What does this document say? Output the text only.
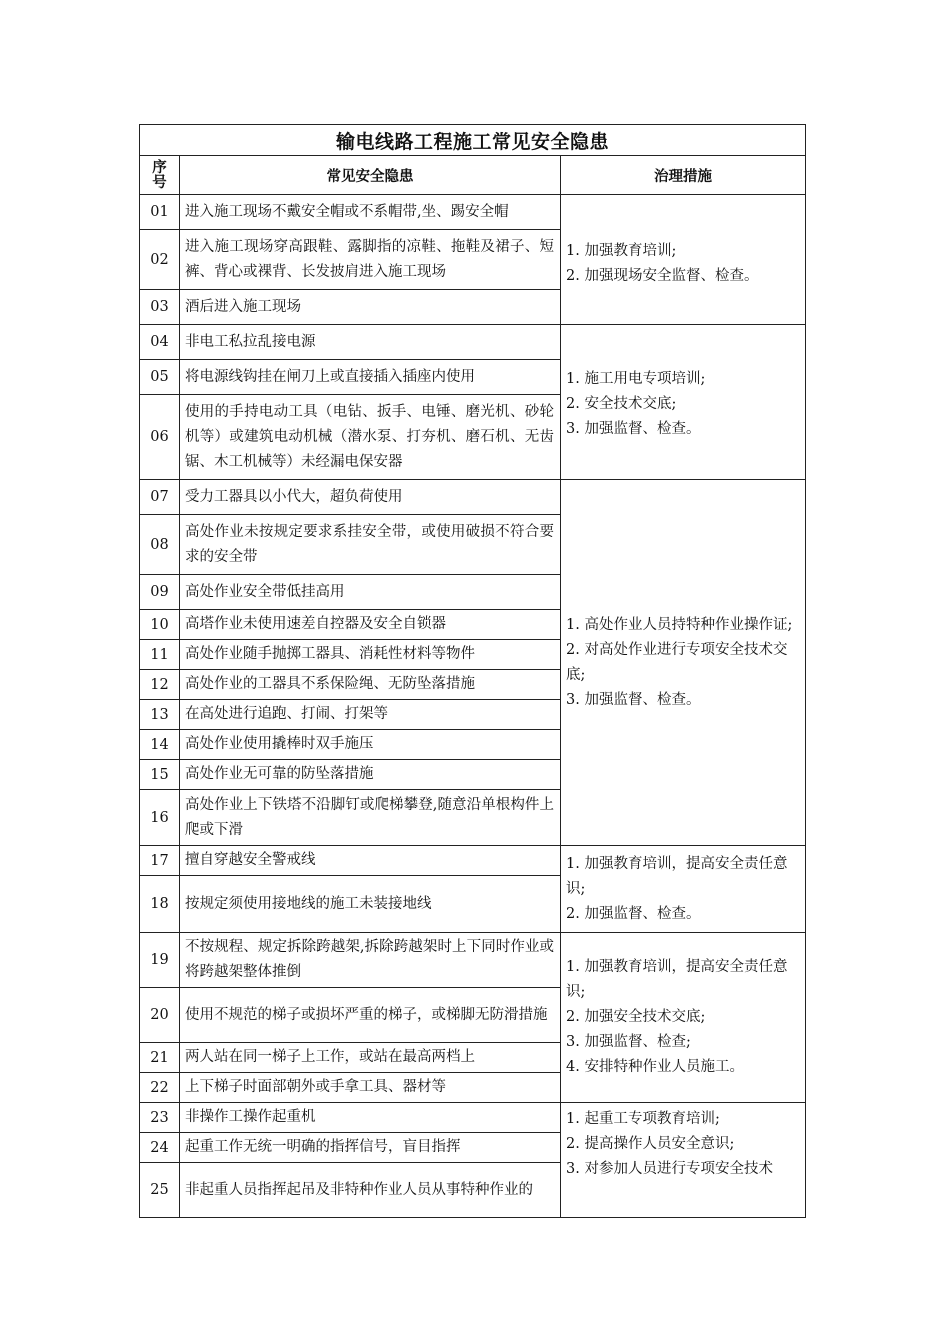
输电线路工程施工常见安全隐患		
序号	常见安全隐患	治理措施
01	进入施工现场不戴安全帽或不系帽带,坐、踢安全帽	1. 加强教育培训;
2. 加强现场安全监督、检查。

02	进入施工现场穿高跟鞋、露脚指的凉鞋、拖鞋及裙子、短裤、背心或裸背、长发披肩进入施工现场	
03	酒后进入施工现场	
04	非电工私拉乱接电源	1. 施工用电专项培训;
2. 安全技术交底;
3. 加强监督、检查。

05	将电源线钩挂在闸刀上或直接插入插座内使用	
06	使用的手持电动工具（电钻、扳手、电锤、磨光机、砂轮机等）或建筑电动机械（潜水泵、打夯机、磨石机、无齿锯、木工机械等）未经漏电保安器	
07	受力工器具以小代大，超负荷使用	1. 高处作业人员持特种作业操作证;
2. 对高处作业进行专项安全技术交底;
3. 加强监督、检查。

08	高处作业未按规定要求系挂安全带，或使用破损不符合要求的安全带	
09	高处作业安全带低挂高用	
10	高塔作业未使用速差自控器及安全自锁器	
11	高处作业随手抛掷工器具、消耗性材料等物件	
12	高处作业的工器具不系保险绳、无防坠落措施	
13	在高处进行追跑、打闹、打架等	
14	高处作业使用撬棒时双手施压	
15	高处作业无可靠的防坠落措施	
16	高处作业上下铁塔不沿脚钉或爬梯攀登,随意沿单根构件上爬或下滑	
17	擅自穿越安全警戒线	1. 加强教育培训，提高安全责任意识;
2. 加强监督、检查。

18	按规定须使用接地线的施工未装接地线	
19	不按规程、规定拆除跨越架,拆除跨越架时上下同时作业或将跨越架整体推倒	1. 加强教育培训，提高安全责任意识;
2. 加强安全技术交底;
3. 加强监督、检查;
4. 安排特种作业人员施工。

20	使用不规范的梯子或损坏严重的梯子，或梯脚无防滑措施	
21	两人站在同一梯子上工作，或站在最高两档上	
22	上下梯子时面部朝外或手拿工具、器材等	
23	非操作工操作起重机	1. 起重工专项教育培训;
2. 提高操作人员安全意识;
3. 对参加人员进行专项安全技术

24	起重工作无统一明确的指挥信号，盲目指挥	
25	非起重人员指挥起吊及非特种作业人员从事特种作业的	
